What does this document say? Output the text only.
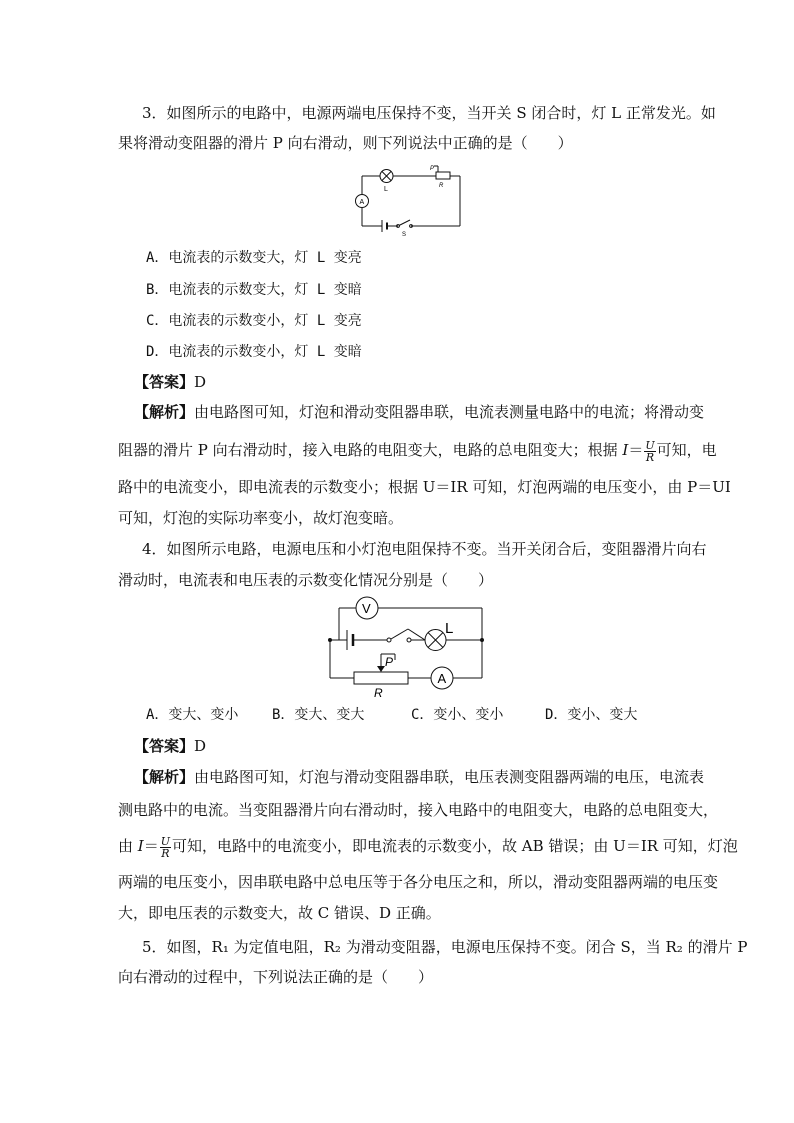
3．如图所示的电路中，电源两端电压保持不变，当开关 S 闭合时，灯 L 正常发光。如

果将滑动变阻器的滑片 P 向右滑动，则下列说法中正确的是（　　）

L
P
R
A
S
A．电流表的示数变大，灯 L 变亮
B．电流表的示数变大，灯 L 变暗
C．电流表的示数变小，灯 L 变亮
D．电流表的示数变小，灯 L 变暗

【答案】D

【解析】由电路图可知，灯泡和滑动变阻器串联，电流表测量电路中的电流；将滑动变

阻器的滑片 P 向右滑动时，接入电路的电阻变大，电路的总电阻变大；根据 $I= \frac{U}{R}$ 可知，电

路中的电流变小，即电流表的示数变小；根据 U＝IR 可知，灯泡两端的电压变小，由 P＝UI

可知，灯泡的实际功率变小，故灯泡变暗。

4．如图所示电路，电源电压和小灯泡电阻保持不变。当开关闭合后，变阻器滑片向右

滑动时，电流表和电压表的示数变化情况分别是（　　）

V
L
P
R
A
A．变大、变小 B．变大、变大	C．变小、变小	D．变小、变大

【答案】D

【解析】由电路图可知，灯泡与滑动变阻器串联，电压表测变阻器两端的电压，电流表

测电路中的电流。当变阻器滑片向右滑动时，接入电路中的电阻变大，电路的总电阻变大，

由 $I= \frac{U}{R}$ 可知，电路中的电流变小，即电流表的示数变小，故 AB 错误；由 U＝IR 可知，灯泡

两端的电压变小，因串联电路中总电压等于各分电压之和，所以，滑动变阻器两端的电压变

大，即电压表的示数变大，故 C 错误、D 正确。

5．如图，R₁ 为定值电阻，R₂ 为滑动变阻器，电源电压保持不变。闭合 S，当 R₂ 的滑片 P

向右滑动的过程中，下列说法正确的是（　　）
